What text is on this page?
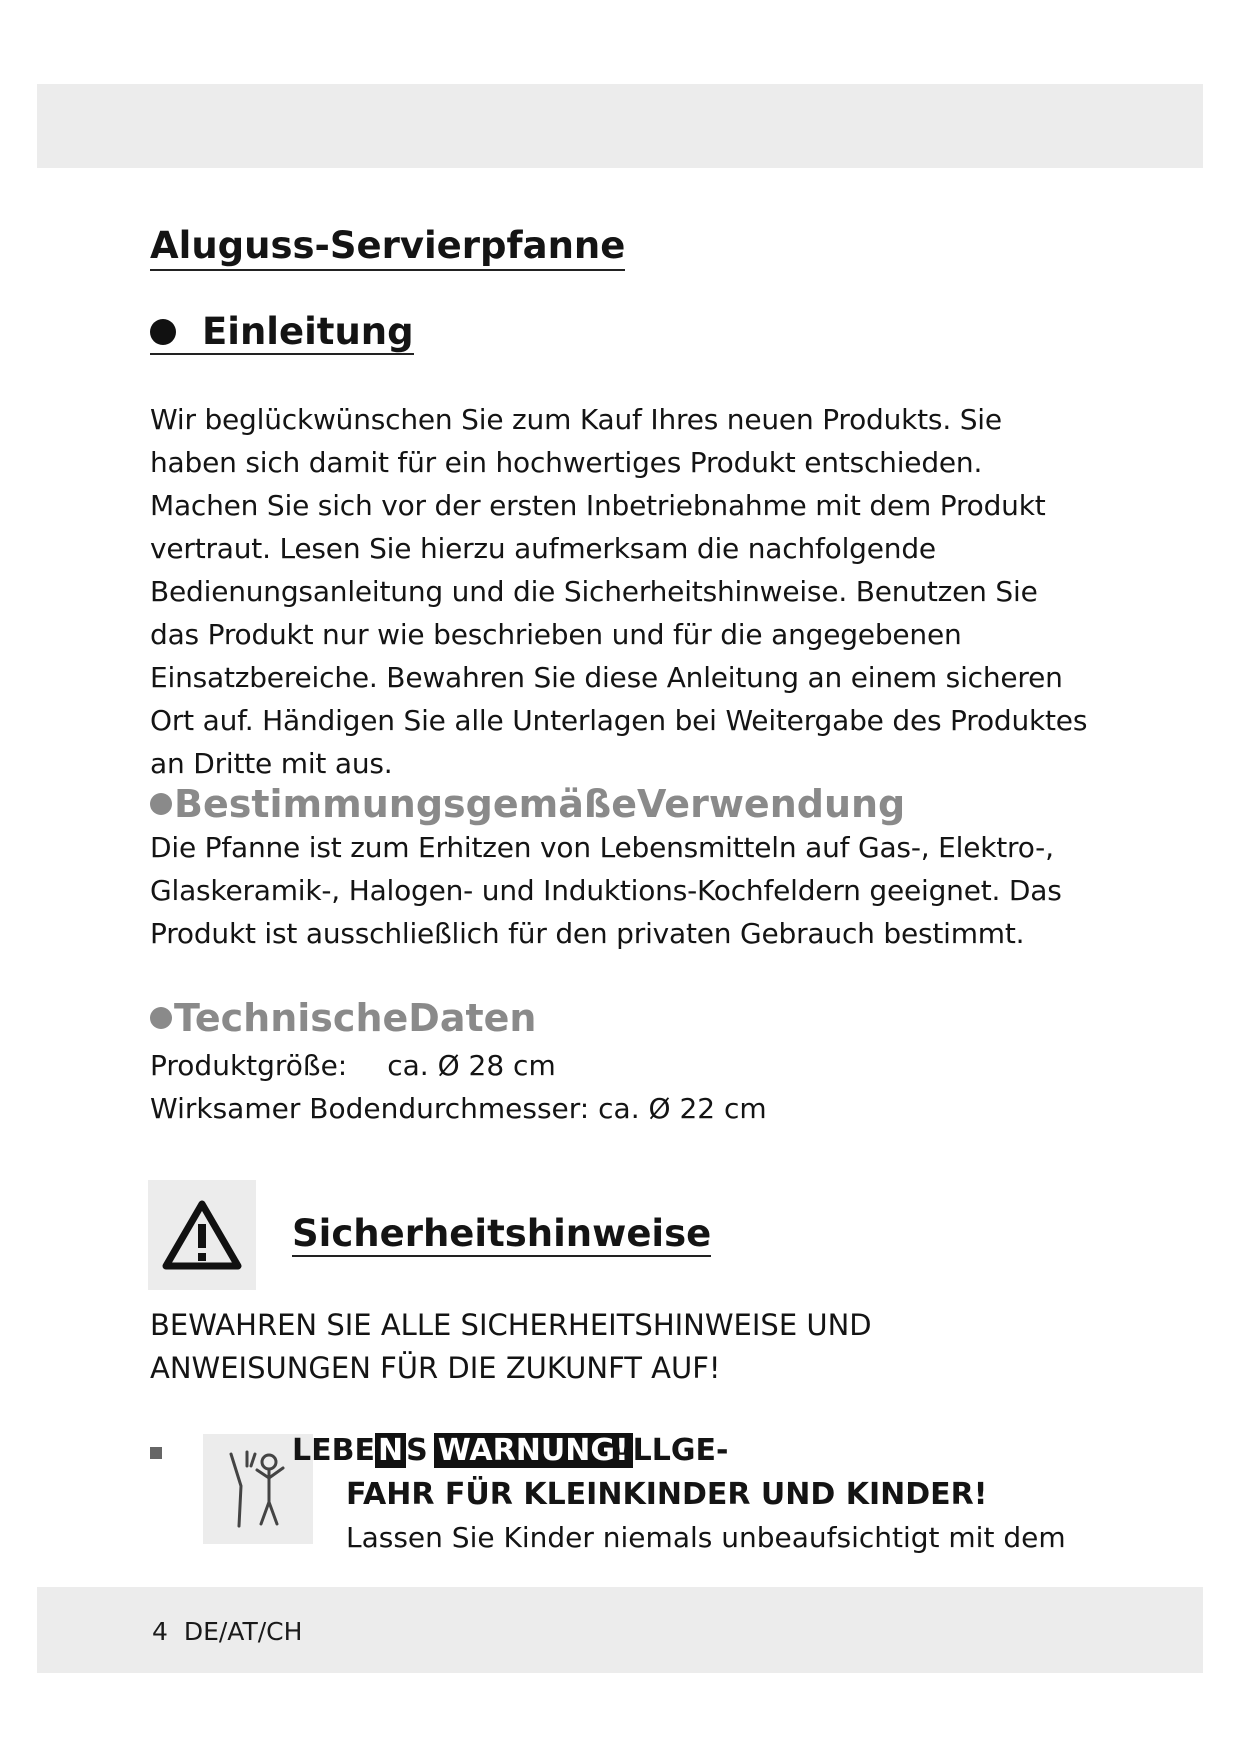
Aluguss-Servierpfanne
Einleitung
Wir beglückwünschen Sie zum Kauf Ihres neuen Produkts. Sie haben sich damit für ein hochwertiges Produkt entschieden. Machen Sie sich vor der ersten Inbetriebnahme mit dem Produkt vertraut. Lesen Sie hierzu aufmerksam die nachfolgende Bedienungsanleitung und die Sicherheitshinweise. Benutzen Sie das Produkt nur wie beschrieben und für die angegebenen Einsatzbereiche. Bewahren Sie diese Anleitung an einem sicheren Ort auf. Händigen Sie alle Unterlagen bei Weitergabe des Produktes an Dritte mit aus.
BestimmungsgemäßeVerwendung
Die Pfanne ist zum Erhitzen von Lebensmitteln auf Gas-, Elektro-, Glaskeramik-, Halogen- und Induktions-Kochfeldern geeignet. Das Produkt ist ausschließlich für den privaten Gebrauch bestimmt.
TechnischeDaten
Produktgröße: ca. Ø 28 cm
Wirksamer Bodendurchmesser: ca. Ø 22 cm
Sicherheitshinweise
BEWAHREN SIE ALLE SICHERHEITSHINWEISE UND
ANWEISUNGEN FÜR DIE ZUKUNFT AUF!
LEBE N S WARNUNG! LLGE-
FAHR FÜR KLEINKINDER UND KINDER!
Lassen Sie Kinder niemals unbeaufsichtigt mit dem
4 DE/AT/CH
